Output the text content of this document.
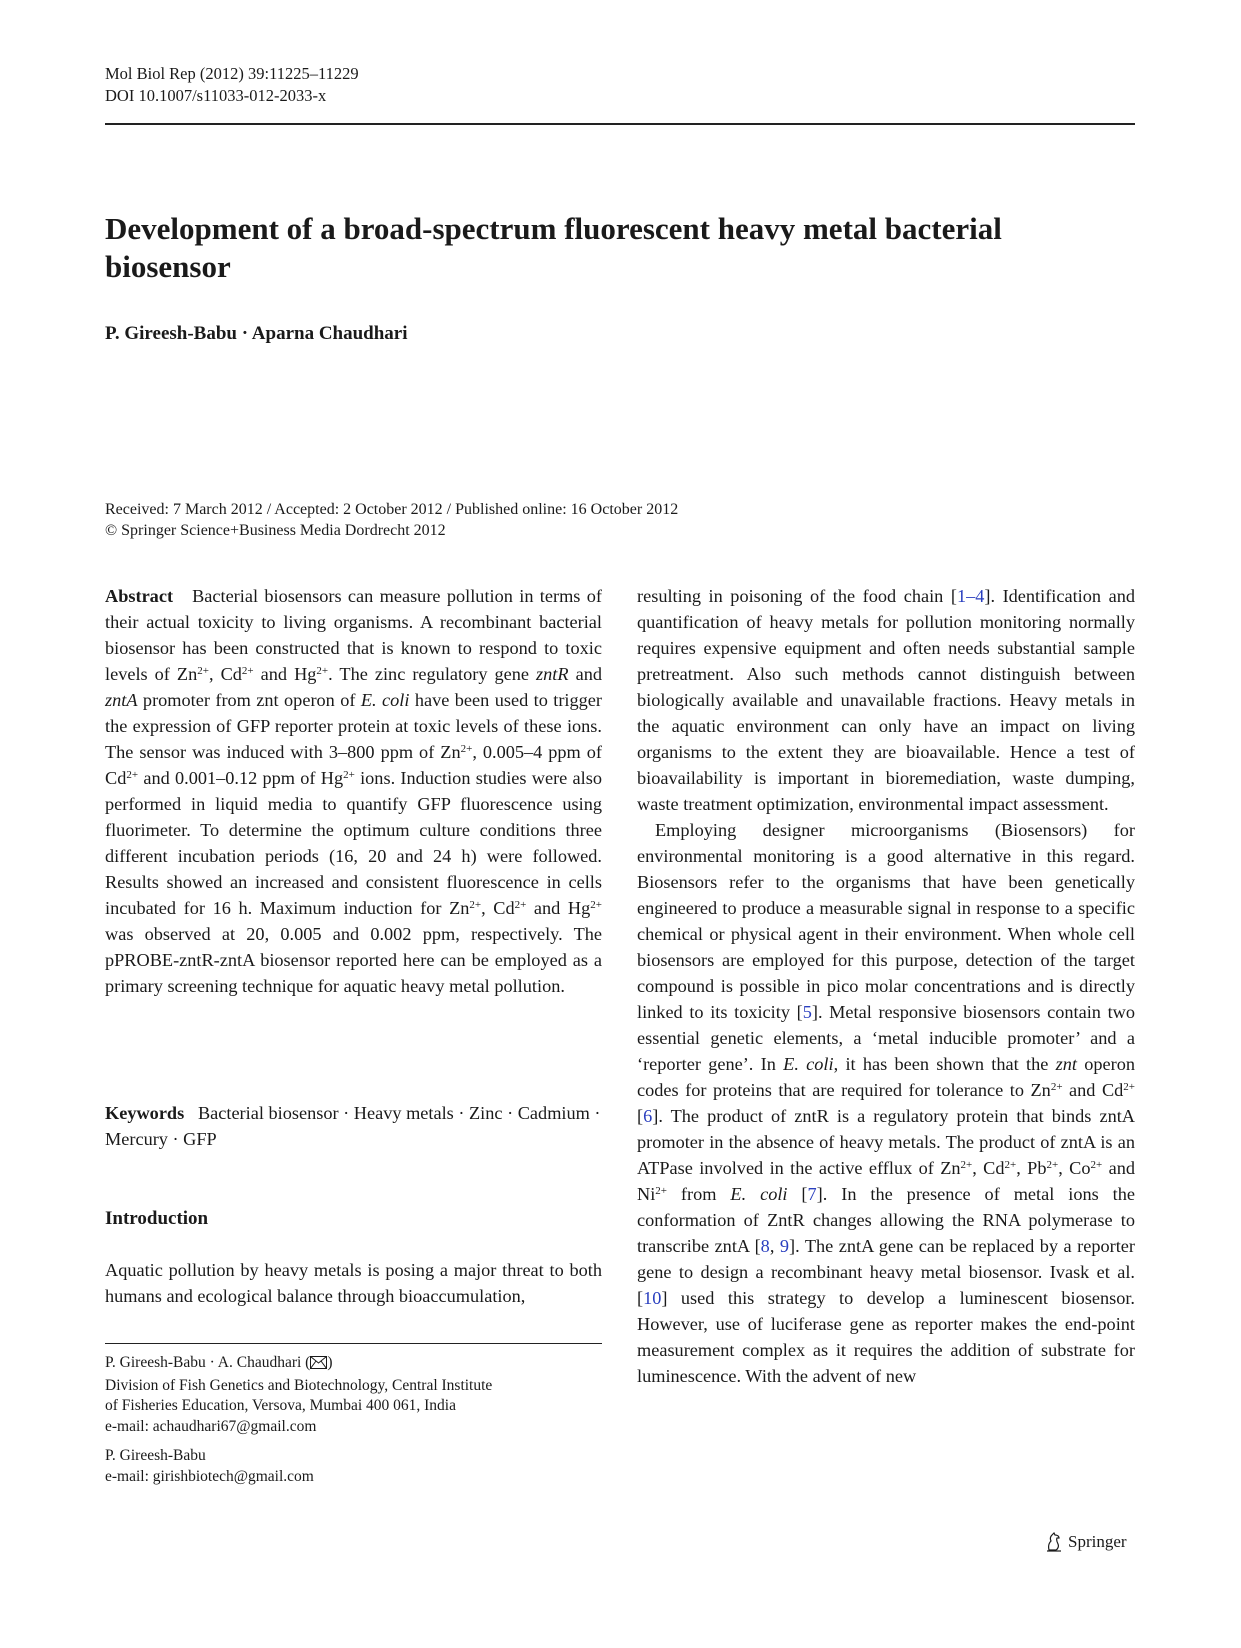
Mol Biol Rep (2012) 39:11225–11229
DOI 10.1007/s11033-012-2033-x
Development of a broad-spectrum fluorescent heavy metal bacterial biosensor
P. Gireesh-Babu · Aparna Chaudhari
Received: 7 March 2012 / Accepted: 2 October 2012 / Published online: 16 October 2012
© Springer Science+Business Media Dordrecht 2012

Abstract Bacterial biosensors can measure pollution in terms of their actual toxicity to living organisms. A recombinant bacterial biosensor has been constructed that is known to respond to toxic levels of $Zn^{2+}$, $Cd^{2+}$ and $Hg^{2+}$. The zinc regulatory gene zntR and zntA promoter from znt operon of E. coli have been used to trigger the expression of GFP reporter protein at toxic levels of these ions. The sensor was induced with 3–800 ppm of $Zn^{2+}$, 0.005–4 ppm of $Cd^{2+}$ and 0.001–0.12 ppm of $Hg^{2+}$ ions. Induction studies were also performed in liquid media to quantify GFP fluorescence using fluorimeter. To determine the optimum culture conditions three different incubation periods (16, 20 and 24 h) were followed. Results showed an increased and consistent fluorescence in cells incubated for 16 h. Maximum induction for $Zn^{2+}$, $Cd^{2+}$ and $Hg^{2+}$ was observed at 20, 0.005 and 0.002 ppm, respectively. The pPROBE-zntR-zntA biosensor reported here can be employed as a primary screening technique for aquatic heavy metal pollution.

Keywords Bacterial biosensor · Heavy metals · Zinc · Cadmium · Mercury · GFP

Introduction
Aquatic pollution by heavy metals is posing a major threat to both humans and ecological balance through bioaccumulation,

P. Gireesh-Babu · A. Chaudhari ( )

Division of Fish Genetics and Biotechnology, Central Institute

of Fisheries Education, Versova, Mumbai 400 061, India

e-mail: achaudhari67@gmail.com

P. Gireesh-Babu

e-mail: girishbiotech@gmail.com

resulting in poisoning of the food chain [1–4]. Identification and quantification of heavy metals for pollution monitoring normally requires expensive equipment and often needs substantial sample pretreatment. Also such methods cannot distinguish between biologically available and unavailable fractions. Heavy metals in the aquatic environment can only have an impact on living organisms to the extent they are bioavailable. Hence a test of bioavailability is important in bioremediation, waste dumping, waste treatment optimization, environmental impact assessment.

Employing designer microorganisms (Biosensors) for environmental monitoring is a good alternative in this regard. Biosensors refer to the organisms that have been genetically engineered to produce a measurable signal in response to a specific chemical or physical agent in their environment. When whole cell biosensors are employed for this purpose, detection of the target compound is possible in pico molar concentrations and is directly linked to its toxicity [5]. Metal responsive biosensors contain two essential genetic elements, a ‘metal inducible promoter’ and a ‘reporter gene’. In E. coli, it has been shown that the znt operon codes for proteins that are required for tolerance to $Zn^{2+}$ and $Cd^{2+}$ [6]. The product of zntR is a regulatory protein that binds zntA promoter in the absence of heavy metals. The product of zntA is an ATPase involved in the active efflux of $Zn^{2+}$, $Cd^{2+}$, $Pb^{2+}$, $Co^{2+}$ and $Ni^{2+}$ from E. coli [7]. In the presence of metal ions the conformation of ZntR changes allowing the RNA polymerase to transcribe zntA [8, 9]. The zntA gene can be replaced by a reporter gene to design a recombinant heavy metal biosensor. Ivask et al. [10] used this strategy to develop a luminescent biosensor. However, use of luciferase gene as reporter makes the end-point measurement complex as it requires the addition of substrate for luminescence. With the advent of new

Springer
